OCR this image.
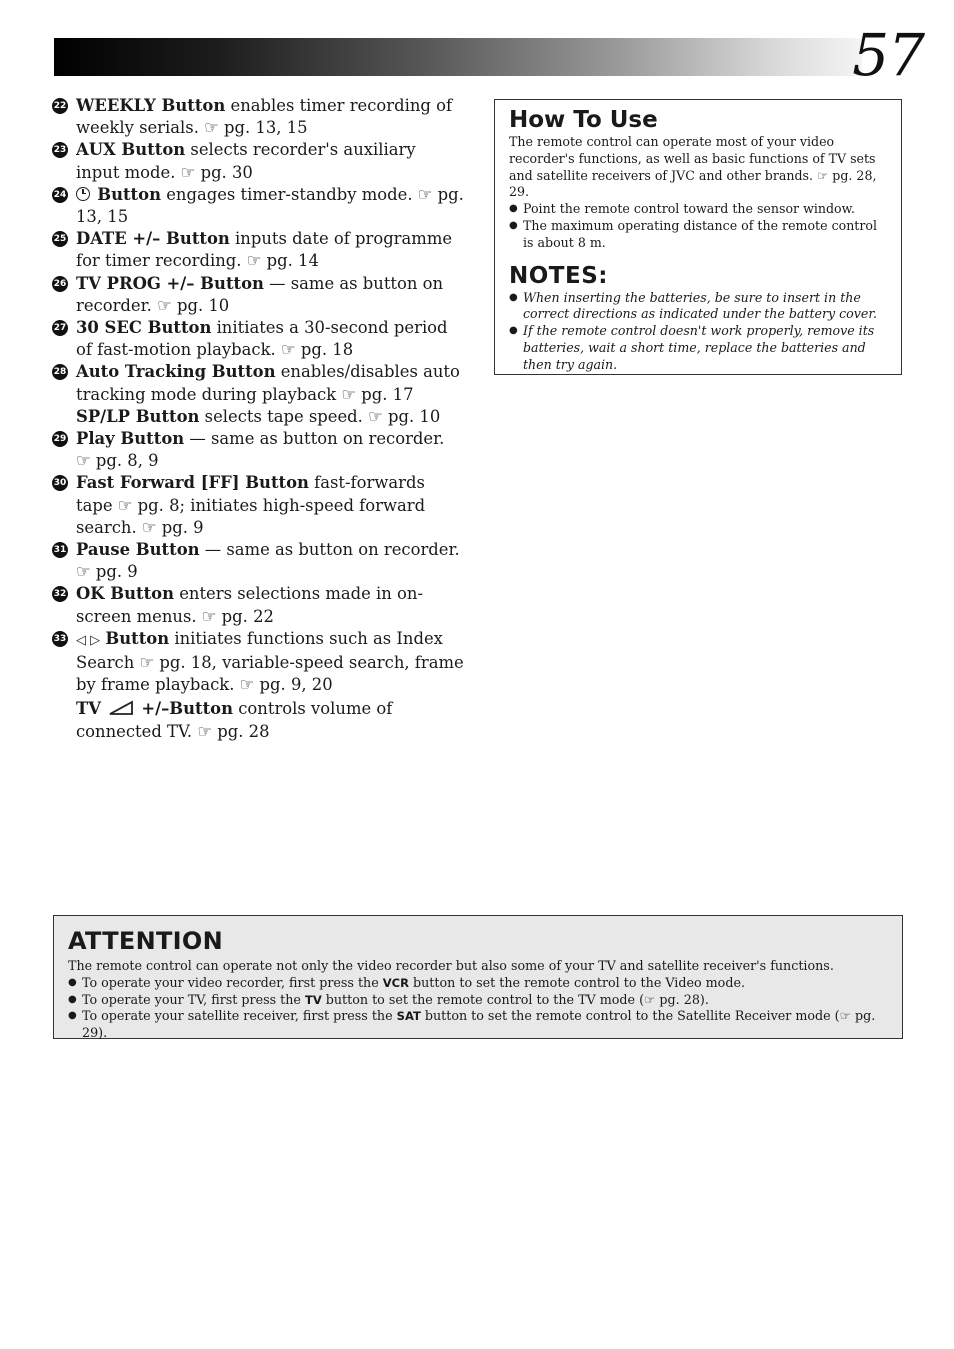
57
22 WEEKLY Button enables timer recording of weekly serials. ☞ pg. 13, 15
23 AUX Button selects recorder's auxiliary input mode. ☞ pg. 30
24 Button engages timer-standby mode. ☞ pg. 13, 15
25 DATE +/– Button inputs date of programme for timer recording. ☞ pg. 14
26 TV PROG +/– Button — same as button on recorder. ☞ pg. 10
27 30 SEC Button initiates a 30-second period of fast-motion playback. ☞ pg. 18
28 Auto Tracking Button enables/disables auto tracking mode during playback ☞ pg. 17
SP/LP Button selects tape speed. ☞ pg. 10
29 Play Button — same as button on recorder. ☞ pg. 8, 9
30 Fast Forward [FF] Button fast-forwards tape ☞ pg. 8; initiates high-speed forward search. ☞ pg. 9
31 Pause Button — same as button on recorder. ☞ pg. 9
32 OK Button enters selections made in on-screen menus. ☞ pg. 22
33 ◁ ▷ Button initiates functions such as Index Search ☞ pg. 18, variable-speed search, frame by frame playback. ☞ pg. 9, 20
TV +/–Button controls volume of connected TV. ☞ pg. 28
How To Use
The remote control can operate most of your video recorder's functions, as well as basic functions of TV sets and satellite receivers of JVC and other brands. ☞ pg. 28, 29.
● Point the remote control toward the sensor window.
● The maximum operating distance of the remote control is about 8 m.
NOTES:
● When inserting the batteries, be sure to insert in the correct directions as indicated under the battery cover.
● If the remote control doesn't work properly, remove its batteries, wait a short time, replace the batteries and then try again.
ATTENTION
The remote control can operate not only the video recorder but also some of your TV and satellite receiver's functions.
● To operate your video recorder, first press the VCR button to set the remote control to the Video mode.
● To operate your TV, first press the TV button to set the remote control to the TV mode (☞ pg. 28).
● To operate your satellite receiver, first press the SAT button to set the remote control to the Satellite Receiver mode (☞ pg. 29).
